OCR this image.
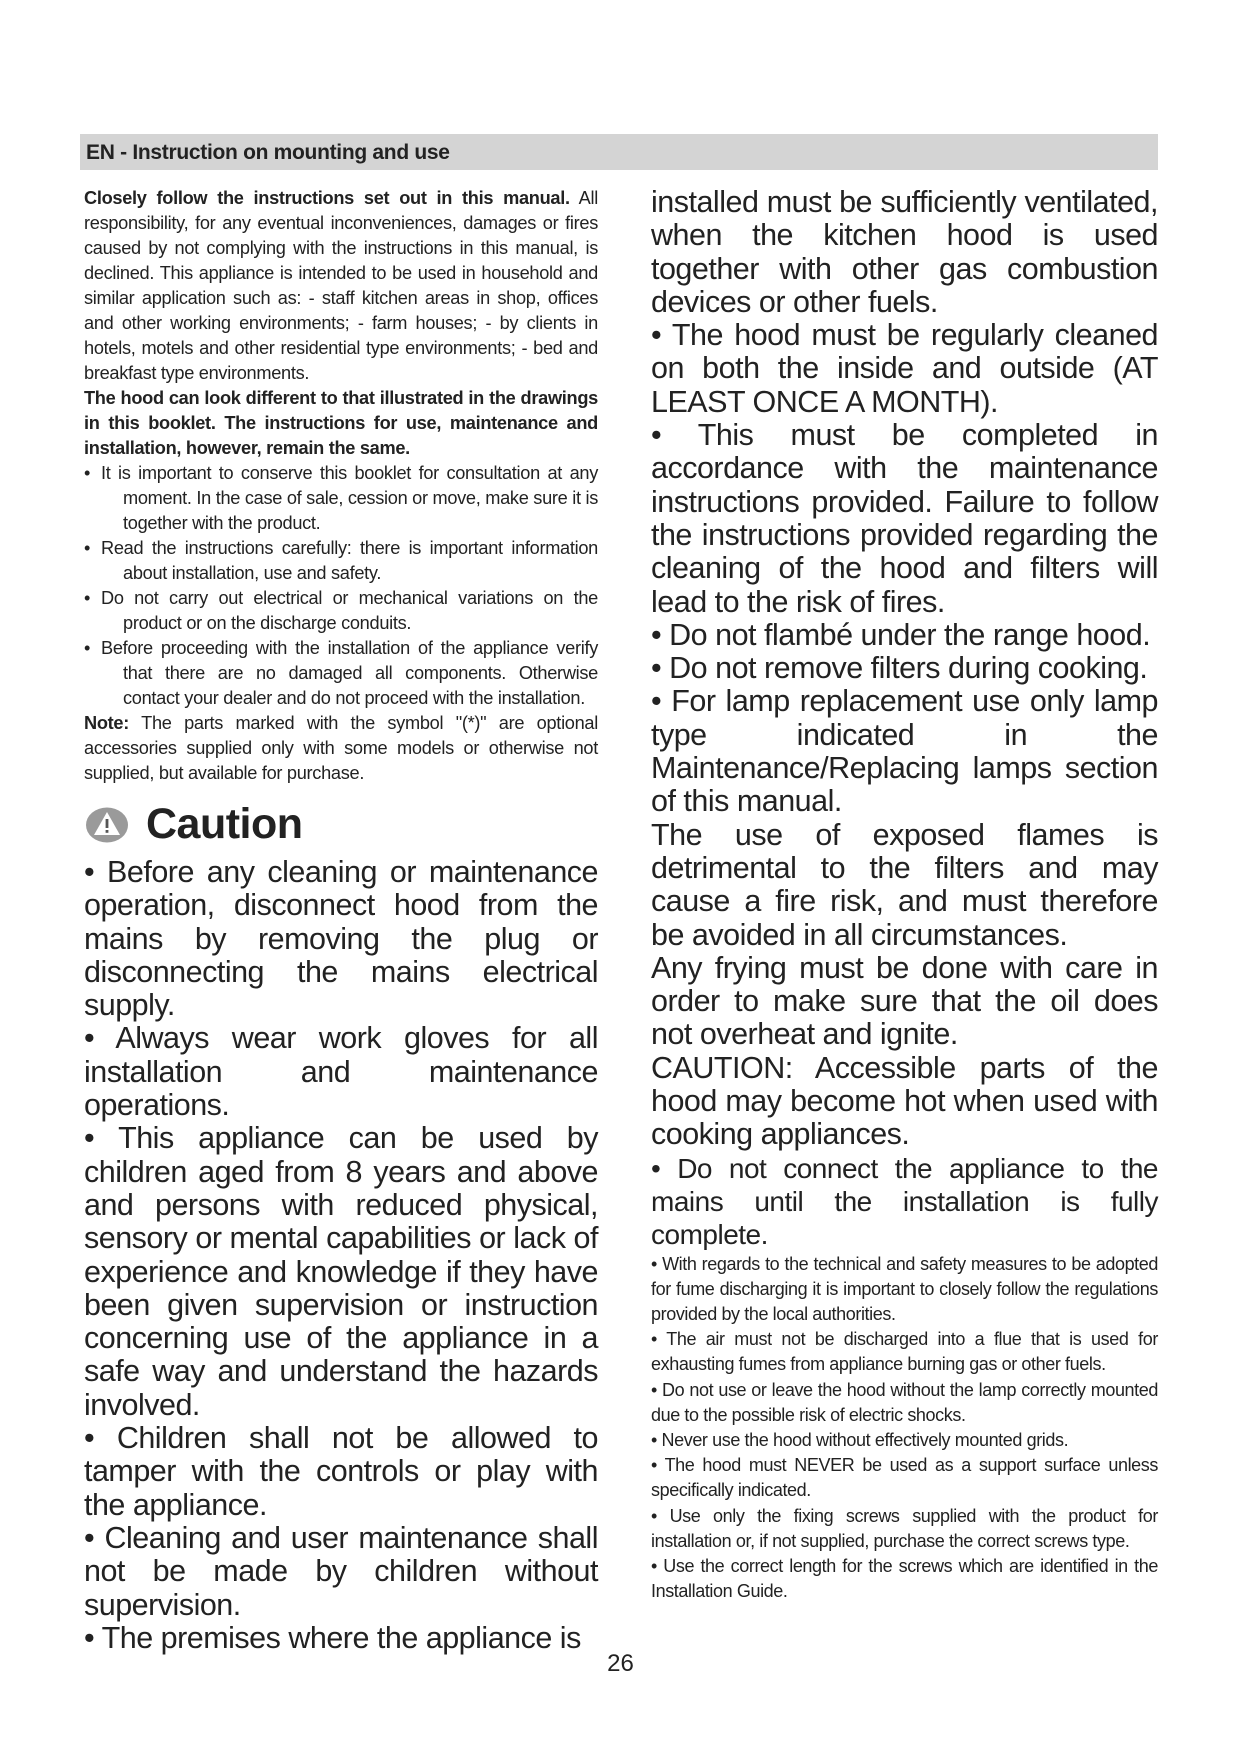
EN - Instruction on mounting and use

Closely follow the instructions set out in this manual. All responsibility, for any eventual inconveniences, damages or fires caused by not complying with the instructions in this manual, is declined. This appliance is intended to be used in household and similar application such as: - staff kitchen areas in shop, offices and other working environments; - farm houses; - by clients in hotels, motels and other residential type environments; - bed and breakfast type environments.

The hood can look different to that illustrated in the drawings in this booklet. The instructions for use, maintenance and installation, however, remain the same.

• It is important to conserve this booklet for consultation at any moment. In the case of sale, cession or move, make sure it is together with the product.
• Read the instructions carefully: there is important information about installation, use and safety.
• Do not carry out electrical or mechanical variations on the product or on the discharge conduits.
• Before proceeding with the installation of the appliance verify that there are no damaged all components. Otherwise contact your dealer and do not proceed with the installation.

Note: The parts marked with the symbol "(*)" are optional accessories supplied only with some models or otherwise not supplied, but available for purchase.

Caution

• Before any cleaning or maintenance operation, disconnect hood from the mains by removing the plug or disconnecting the mains electrical supply.

• Always wear work gloves for all installation and maintenance operations.

• This appliance can be used by children aged from 8 years and above and persons with reduced physical, sensory or mental capabilities or lack of experience and knowledge if they have been given supervision or instruction concerning use of the appliance in a safe way and understand the hazards involved.

• Children shall not be allowed to tamper with the controls or play with the appliance.

• Cleaning and user maintenance shall not be made by children without supervision.

• The premises where the appliance is

installed must be sufficiently ventilated, when the kitchen hood is used together with other gas combustion devices or other fuels.

• The hood must be regularly cleaned on both the inside and outside (AT LEAST ONCE A MONTH).

• This must be completed in accordance with the maintenance instructions provided. Failure to follow the instructions provided regarding the cleaning of the hood and filters will lead to the risk of fires.

• Do not flambé under the range hood.

• Do not remove filters during cooking.

• For lamp replacement use only lamp type indicated in the Maintenance/Replacing lamps section of this manual.

The use of exposed flames is detrimental to the filters and may cause a fire risk, and must therefore be avoided in all circumstances.

Any frying must be done with care in order to make sure that the oil does not overheat and ignite.

CAUTION: Accessible parts of the hood may become hot when used with cooking appliances.

• Do not connect the appliance to the mains until the installation is fully complete.

• With regards to the technical and safety measures to be adopted for fume discharging it is important to closely follow the regulations provided by the local authorities.

• The air must not be discharged into a flue that is used for exhausting fumes from appliance burning gas or other fuels.

• Do not use or leave the hood without the lamp correctly mounted due to the possible risk of electric shocks.

• Never use the hood without effectively mounted grids.

• The hood must NEVER be used as a support surface unless specifically indicated.

• Use only the fixing screws supplied with the product for installation or, if not supplied, purchase the correct screws type.

• Use the correct length for the screws which are identified in the Installation Guide.

26
